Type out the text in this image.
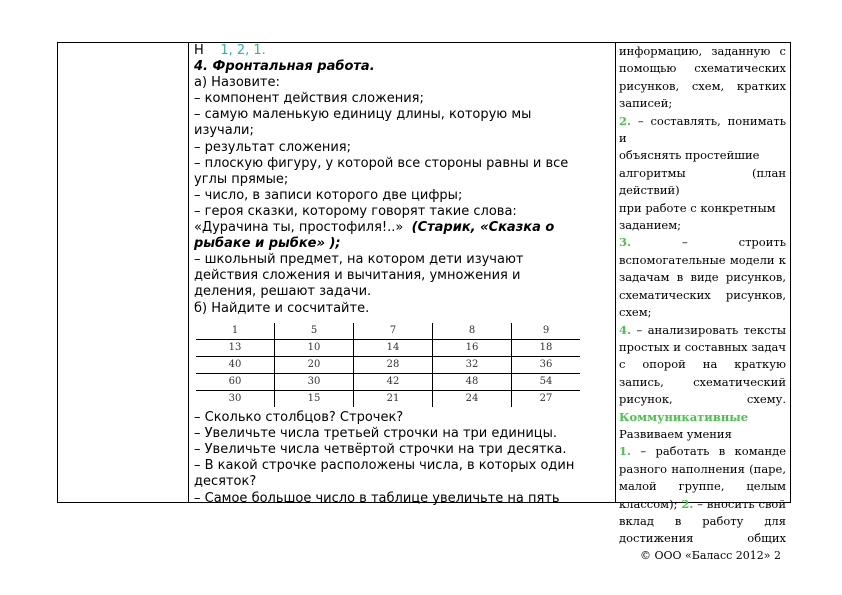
Н 1, 2, 1.

4. Фронтальная работа.

а) Назовите:

– компонент действия сложения;

– самую маленькую единицу длины, которую мы

изучали;

– результат сложения;

– плоскую фигуру, у которой все стороны равны и все

углы прямые;

– число, в записи которого две цифры;

– героя сказки, которому говорят такие слова:

«Дурачина ты, простофиля!..» (Старик, «Сказка о

рыбаке и рыбке» );

– школьный предмет, на котором дети изучают

действия сложения и вычитания, умножения и

деления, решают задачи.

б) Найдите и сосчитайте.

1	5	7	8	9
13	10	14	16	18
40	20	28	32	36
60	30	42	48	54
30	15	21	24	27

– Сколько столбцов? Строчек?

– Увеличьте числа третьей строчки на три единицы.

– Увеличьте числа четвёртой строчки на три десятка.

– В какой строчке расположены числа, в которых один

десяток?

– Самое большое число в таблице увеличьте на пять

информацию, заданную с

помощью схематических

рисунков, схем, кратких

записей;

2. – составлять, понимать и

объяснять простейшие

алгоритмы (план действий)

при работе с конкретным

заданием;

3. – строить

вспомогательные модели к

задачам в виде рисунков,

схематических рисунков,

схем;

4. – анализировать тексты

простых и составных задач

с опорой на краткую

запись, схематический

рисунок, схему.

Коммуникативные

Развиваем умения

1. – работать в команде

разного наполнения (паре,

малой группе, целым

классом); 2. – вносить свой

вклад в работу для

достижения общих

© ООО «Баласс 2012» 2
